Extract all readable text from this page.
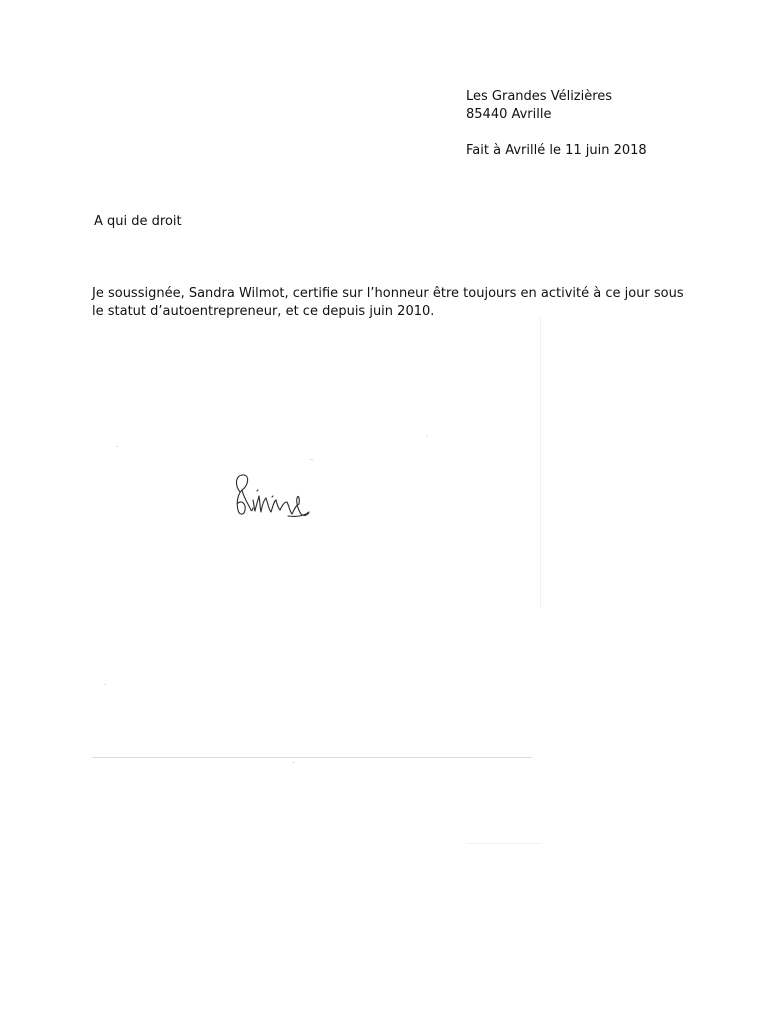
Les Grandes Vélizières
85440 Avrille
Fait à Avrillé le 11 juin 2018
A qui de droit
Je soussignée, Sandra Wilmot, certifie sur l’honneur être toujours en activité à ce jour sous
le statut d’autoentrepreneur, et ce depuis juin 2010.
